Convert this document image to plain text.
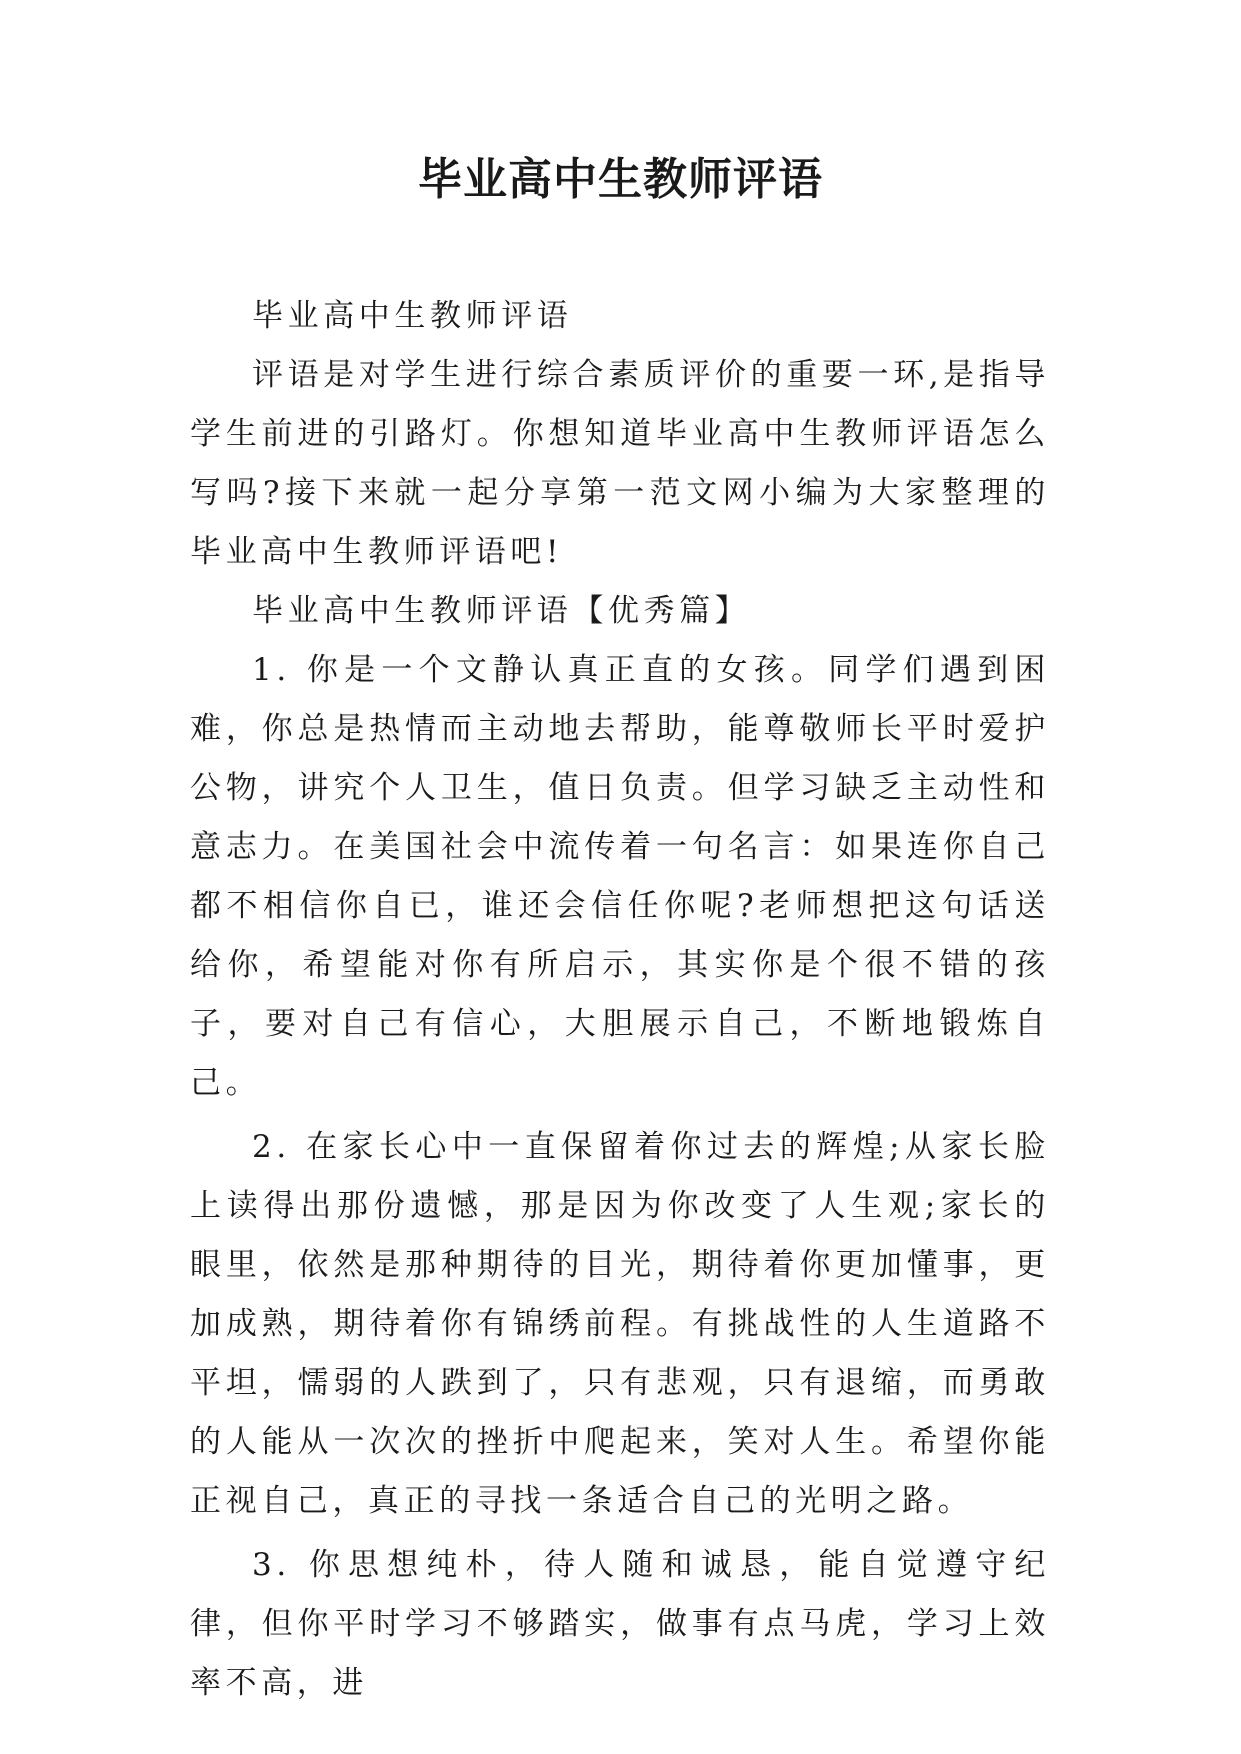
毕业高中生教师评语

毕业高中生教师评语

评语是对学生进行综合素质评价的重要一环,是指导学生前进的引路灯。你想知道毕业高中生教师评语怎么写吗?接下来就一起分享第一范文网小编为大家整理的毕业高中生教师评语吧!

毕业高中生教师评语【优秀篇】

1. 你是一个文静认真正直的女孩。同学们遇到困难，你总是热情而主动地去帮助，能尊敬师长平时爱护公物，讲究个人卫生，值日负责。但学习缺乏主动性和意志力。在美国社会中流传着一句名言：如果连你自己都不相信你自已，谁还会信任你呢?老师想把这句话送给你，希望能对你有所启示，其实你是个很不错的孩子，要对自己有信心，大胆展示自己，不断地锻炼自己。

2. 在家长心中一直保留着你过去的辉煌;从家长脸上读得出那份遗憾，那是因为你改变了人生观;家长的眼里，依然是那种期待的目光，期待着你更加懂事，更加成熟，期待着你有锦绣前程。有挑战性的人生道路不平坦，懦弱的人跌到了，只有悲观，只有退缩，而勇敢的人能从一次次的挫折中爬起来，笑对人生。希望你能正视自己，真正的寻找一条适合自己的光明之路。

3. 你思想纯朴，待人随和诚恳，能自觉遵守纪律，但你平时学习不够踏实，做事有点马虎，学习上效率不高，进
